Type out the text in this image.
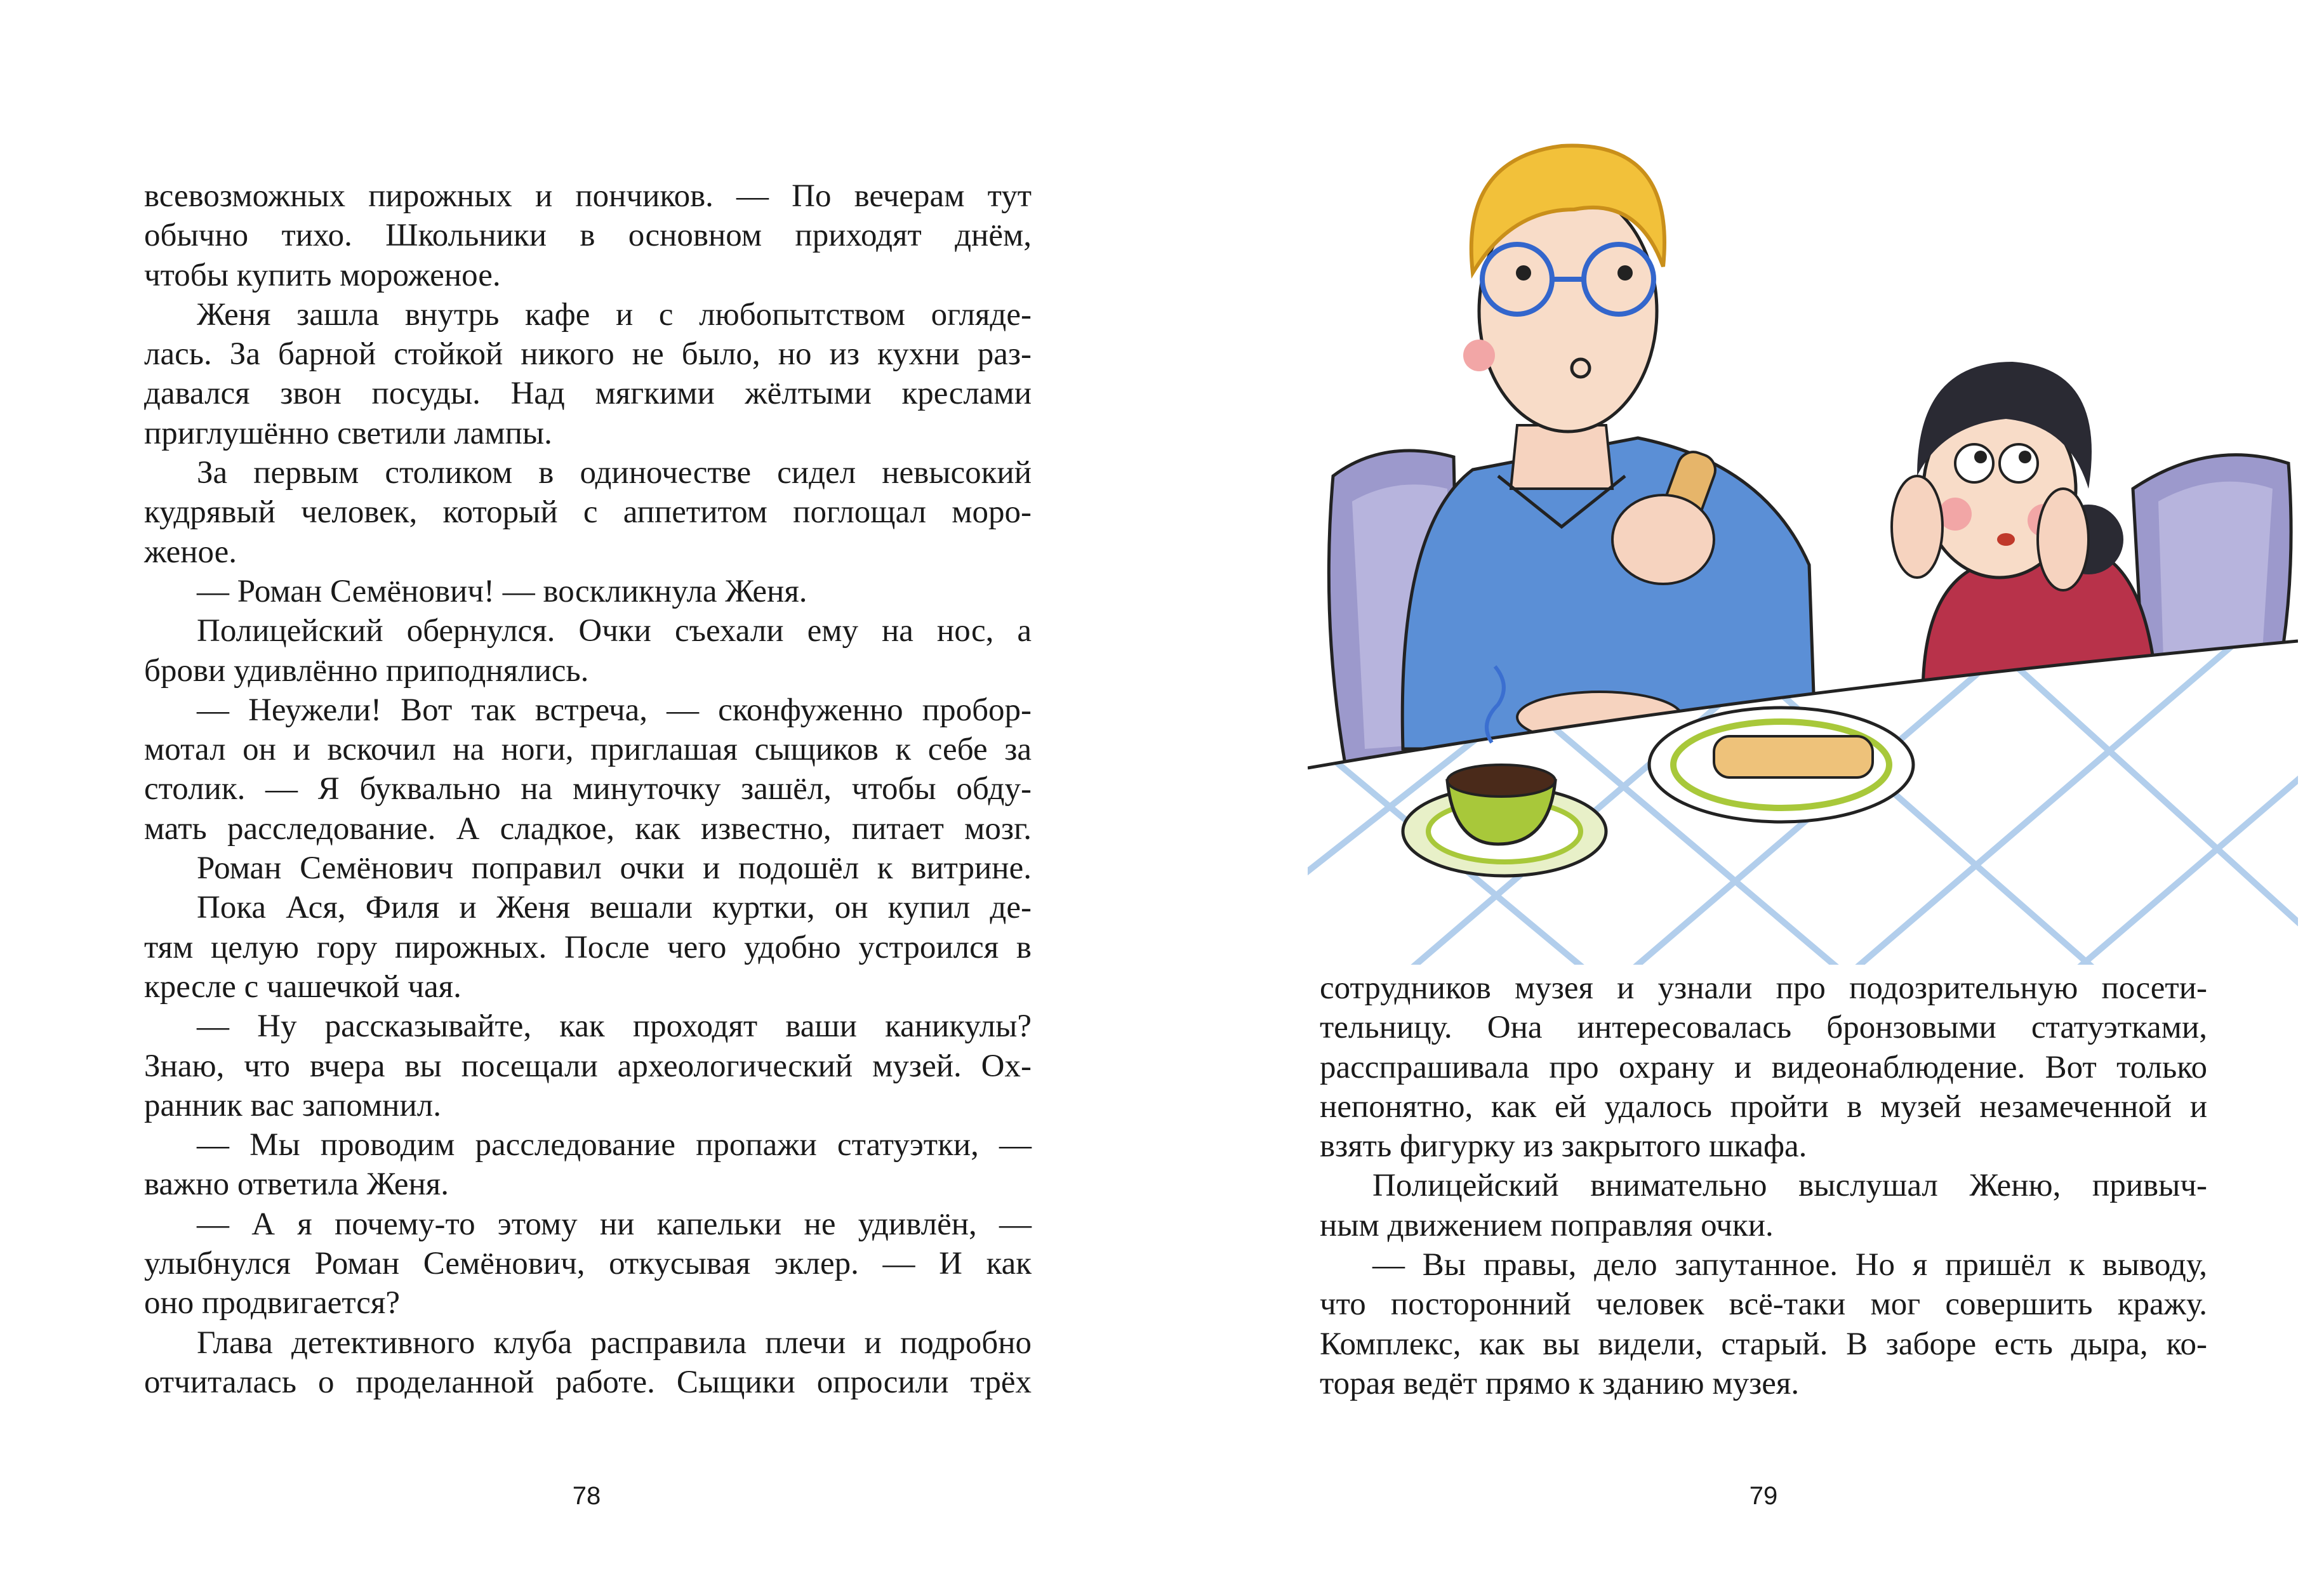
всевозможных пирожных и пончиков. — По вечерам тут
обычно тихо. Школьники в основном приходят днём,
чтобы купить мороженое.
Женя зашла внутрь кафе и с любопытством огляде-
лась. За барной стойкой никого не было, но из кухни раз-
давался звон посуды. Над мягкими жёлтыми креслами
приглушённо светили лампы.
За первым столиком в одиночестве сидел невысокий
кудрявый человек, который с аппетитом поглощал моро-
женое.
— Роман Семёнович! — воскликнула Женя.
Полицейский обернулся. Очки съехали ему на нос, а
брови удивлённо приподнялись.
— Неужели! Вот так встреча, — сконфуженно пробор-
мотал он и вскочил на ноги, приглашая сыщиков к себе за
столик. — Я буквально на минуточку зашёл, чтобы обду-
мать расследование. А сладкое, как известно, питает мозг.
Роман Семёнович поправил очки и подошёл к витрине.
Пока Ася, Филя и Женя вешали куртки, он купил де-
тям целую гору пирожных. После чего удобно устроился в
кресле с чашечкой чая.
— Ну рассказывайте, как проходят ваши каникулы?
Знаю, что вчера вы посещали археологический музей. Ох-
ранник вас запомнил.
— Мы проводим расследование пропажи статуэтки, —
важно ответила Женя.
— А я почему-то этому ни капельки не удивлён, —
улыбнулся Роман Семёнович, откусывая эклер. — И как
оно продвигается?
Глава детективного клуба расправила плечи и подробно
отчиталась о проделанной работе. Сыщики опросили трёх
сотрудников музея и узнали про подозрительную посети-
тельницу. Она интересовалась бронзовыми статуэтками,
расспрашивала про охрану и видеонаблюдение. Вот только
непонятно, как ей удалось пройти в музей незамеченной и
взять фигурку из закрытого шкафа.
Полицейский внимательно выслушал Женю, привыч-
ным движением поправляя очки.
— Вы правы, дело запутанное. Но я пришёл к выводу,
что посторонний человек всё-таки мог совершить кражу.
Комплекс, как вы видели, старый. В заборе есть дыра, ко-
торая ведёт прямо к зданию музея.
78	79
